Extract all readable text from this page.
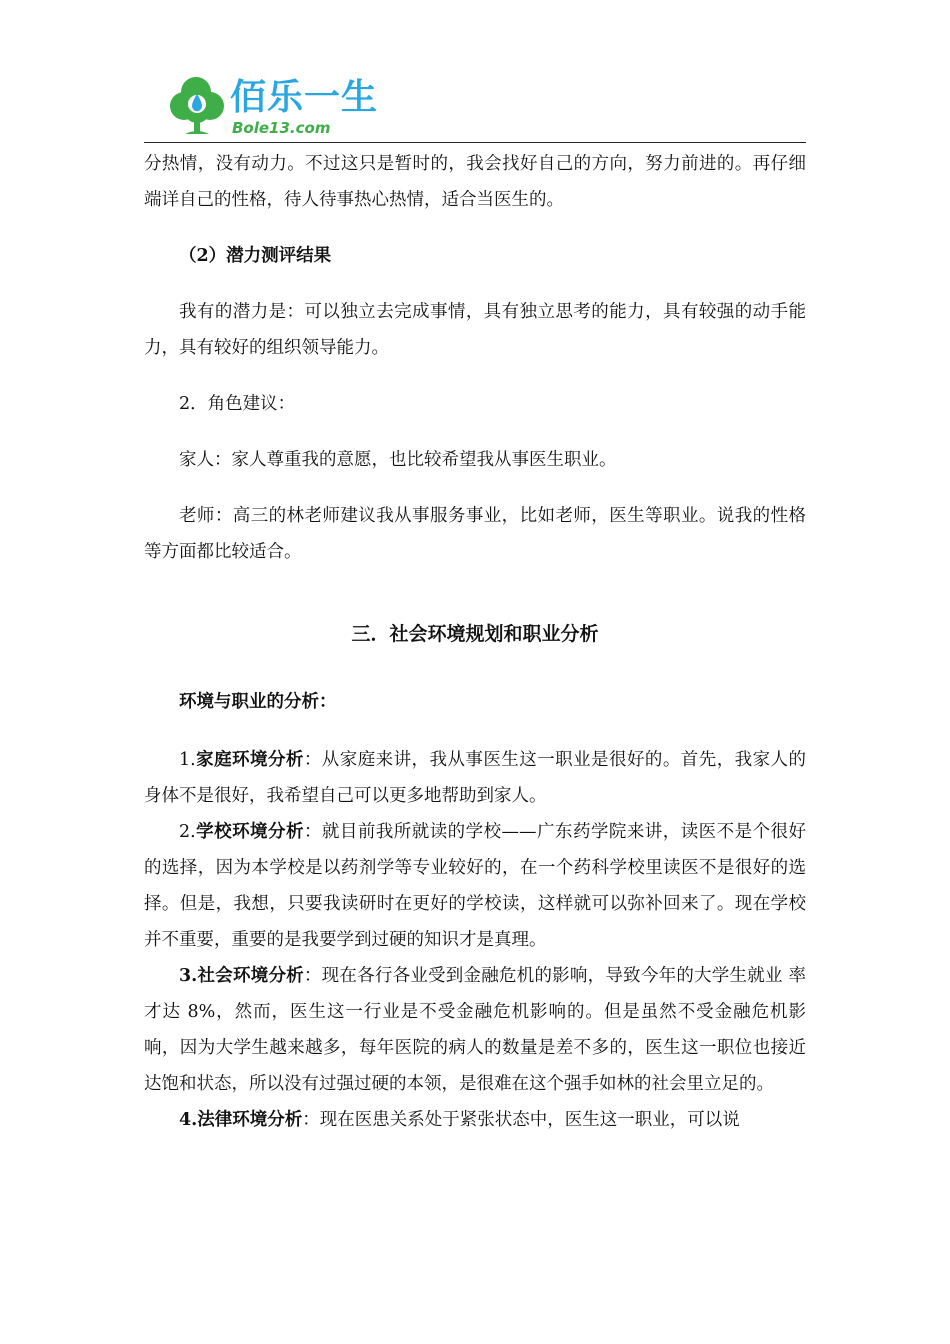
佰乐一生
Bole13.com

分热情，没有动力。不过这只是暂时的，我会找好自己的方向，努力前进的。再仔细端详自己的性格，待人待事热心热情，适合当医生的。

（2）潜力测评结果

我有的潜力是：可以独立去完成事情，具有独立思考的能力，具有较强的动手能力，具有较好的组织领导能力。

2．角色建议：

家人：家人尊重我的意愿，也比较希望我从事医生职业。

老师：高三的林老师建议我从事服务事业，比如老师，医生等职业。说我的性格等方面都比较适合。

三．社会环境规划和职业分析

环境与职业的分析：

1.家庭环境分析：从家庭来讲，我从事医生这一职业是很好的。首先，我家人的身体不是很好，我希望自己可以更多地帮助到家人。

2.学校环境分析：就目前我所就读的学校——广东药学院来讲，读医不是个很好的选择，因为本学校是以药剂学等专业较好的，在一个药科学校里读医不是很好的选择。但是，我想，只要我读研时在更好的学校读，这样就可以弥补回来了。现在学校并不重要，重要的是我要学到过硬的知识才是真理。

3.社会环境分析：现在各行各业受到金融危机的影响，导致今年的大学生就业 率才达 8%，然而，医生这一行业是不受金融危机影响的。但是虽然不受金融危机影响，因为大学生越来越多，每年医院的病人的数量是差不多的，医生这一职位也接近达饱和状态，所以没有过强过硬的本领，是很难在这个强手如林的社会里立足的。

4.法律环境分析：现在医患关系处于紧张状态中，医生这一职业，可以说
